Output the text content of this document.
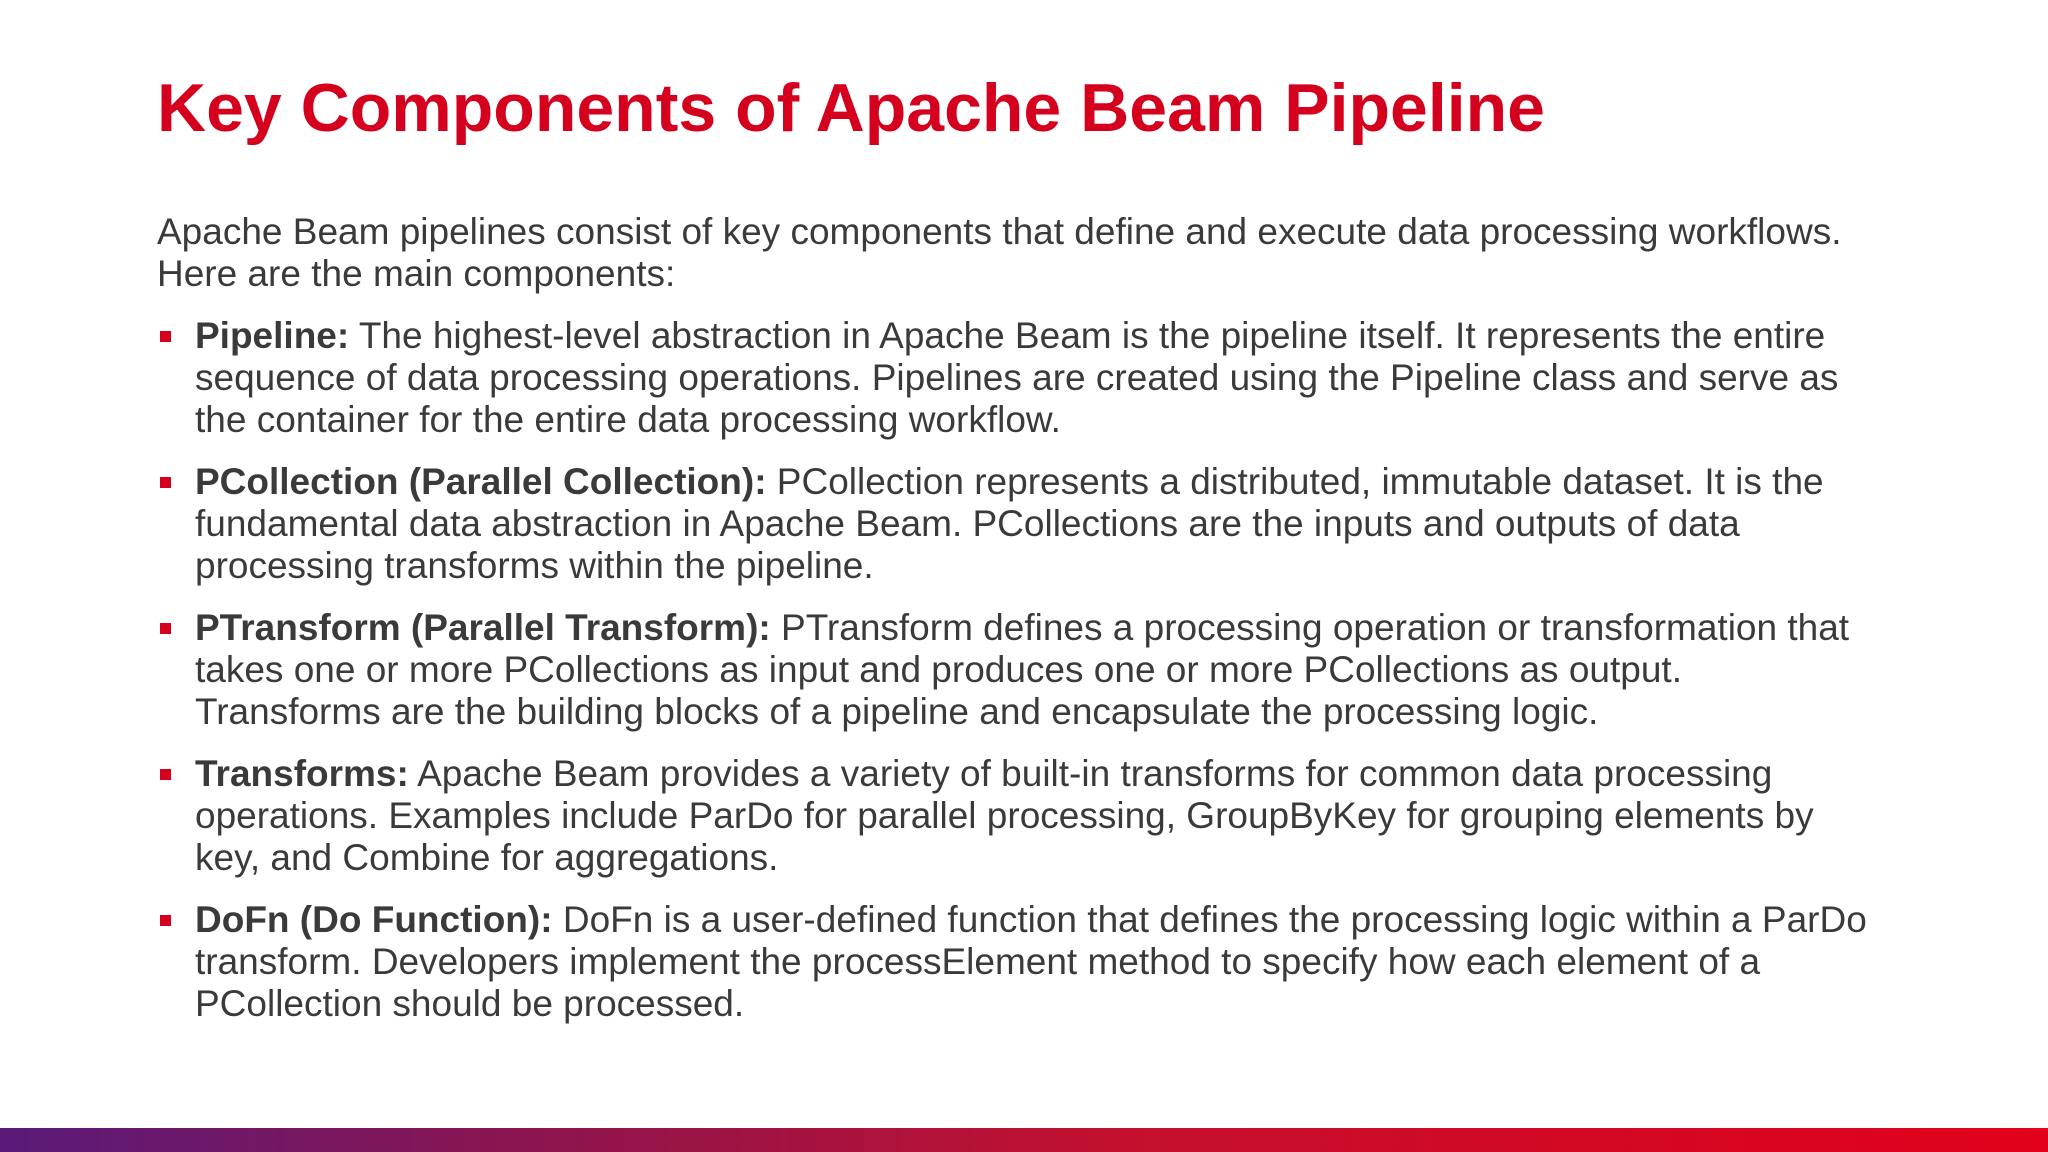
Key Components of Apache Beam Pipeline

Apache Beam pipelines consist of key components that define and execute data processing workflows. Here are the main components:

Pipeline: The highest-level abstraction in Apache Beam is the pipeline itself. It represents the entire sequence of data processing operations. Pipelines are created using the Pipeline class and serve as the container for the entire data processing workflow.
PCollection (Parallel Collection): PCollection represents a distributed, immutable dataset. It is the fundamental data abstraction in Apache Beam. PCollections are the inputs and outputs of data processing transforms within the pipeline.
PTransform (Parallel Transform): PTransform defines a processing operation or transformation that takes one or more PCollections as input and produces one or more PCollections as output. Transforms are the building blocks of a pipeline and encapsulate the processing logic.
Transforms: Apache Beam provides a variety of built-in transforms for common data processing operations. Examples include ParDo for parallel processing, GroupByKey for grouping elements by key, and Combine for aggregations.
DoFn (Do Function): DoFn is a user-defined function that defines the processing logic within a ParDo transform. Developers implement the processElement method to specify how each element of a PCollection should be processed.
